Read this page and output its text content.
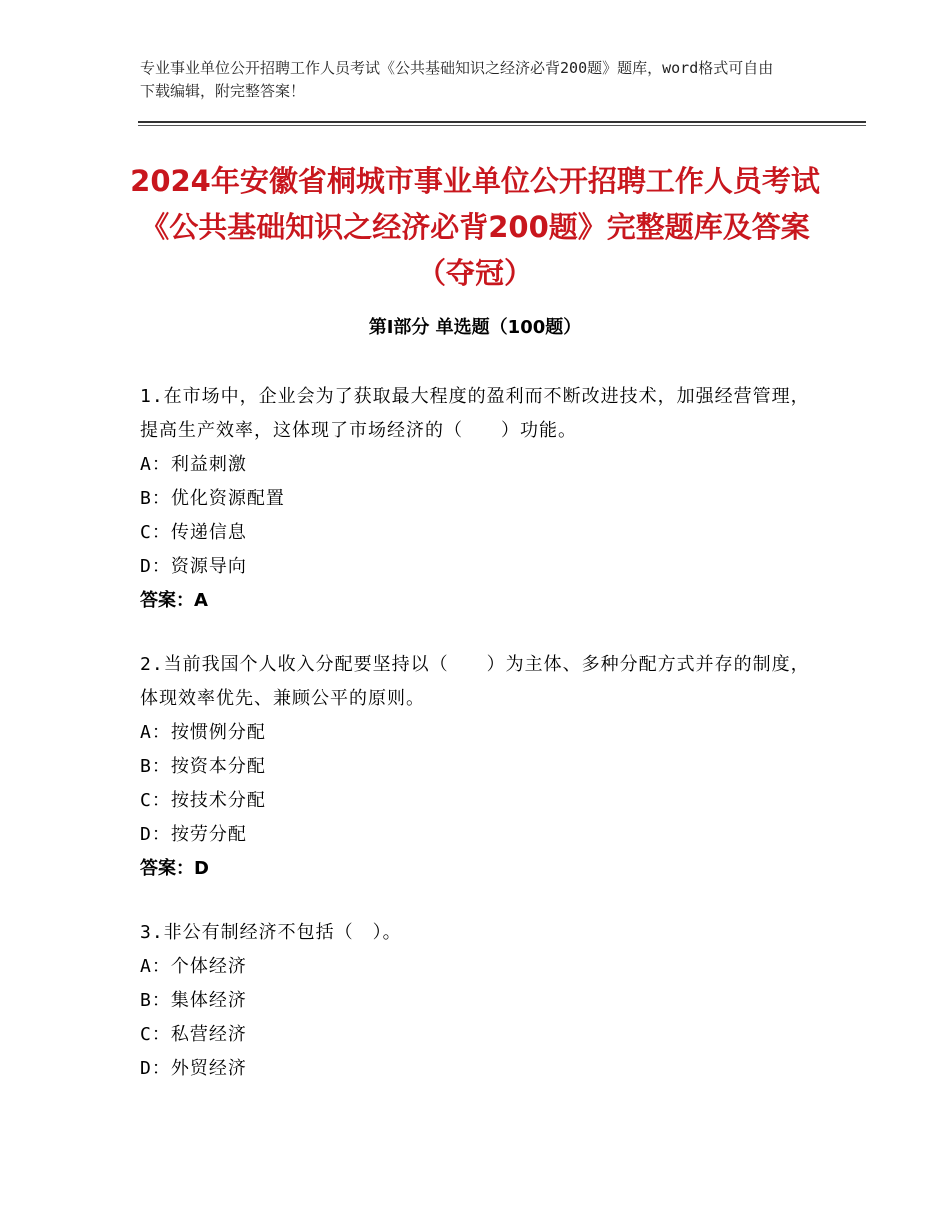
专业事业单位公开招聘工作人员考试《公共基础知识之经济必背200题》题库，word格式可自由下载编辑，附完整答案！
2024年安徽省桐城市事业单位公开招聘工作人员考试《公共基础知识之经济必背200题》完整题库及答案（夺冠）
第Ⅰ部分 单选题（100题）
1.在市场中，企业会为了获取最大程度的盈利而不断改进技术，加强经营管理，提高生产效率，这体现了市场经济的（　　）功能。
A：利益刺激
B：优化资源配置
C：传递信息
D：资源导向
答案：A
2.当前我国个人收入分配要坚持以（　　）为主体、多种分配方式并存的制度，体现效率优先、兼顾公平的原则。
A：按惯例分配
B：按资本分配
C：按技术分配
D：按劳分配
答案：D
3.非公有制经济不包括（　）。
A：个体经济
B：集体经济
C：私营经济
D：外贸经济
